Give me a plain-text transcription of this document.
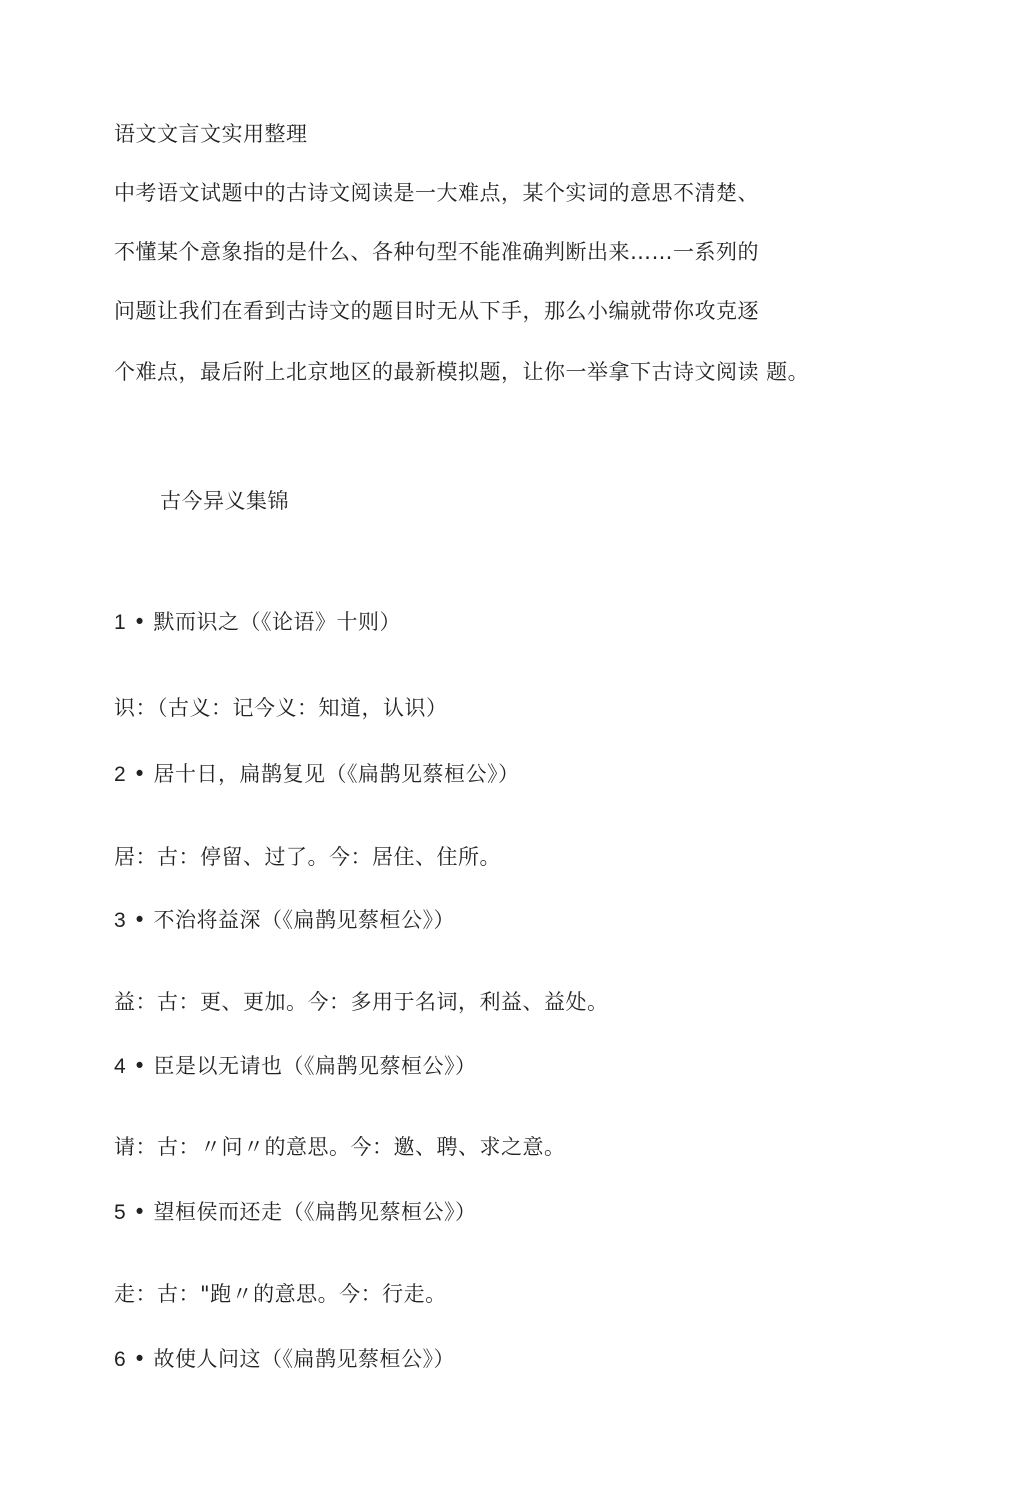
语文文言文实用整理
中考语文试题中的古诗文阅读是一大难点，某个实词的意思不清楚、
不懂某个意象指的是什么、各种句型不能准确判断出来……一系列的
问题让我们在看到古诗文的题目时无从下手，那么小编就带你攻克逐
个难点，最后附上北京地区的最新模拟题，让你一举拿下古诗文阅读 题。
古今异义集锦
1 • 默而识之（《论语》十则）
识：（古义：记今义：知道，认识）
2 • 居十日，扁鹊复见（《扁鹊见蔡桓公》）
居：古：停留、过了。今：居住、住所。
3 • 不治将益深（《扁鹊见蔡桓公》）
益：古：更、更加。今：多用于名词，利益、益处。
4 • 臣是以无请也（《扁鹊见蔡桓公》）
请：古：〃问〃的意思。今：邀、聘、求之意。
5 • 望桓侯而还走（《扁鹊见蔡桓公》）
走：古："跑〃的意思。今：行走。
6 • 故使人问这（《扁鹊见蔡桓公》）
